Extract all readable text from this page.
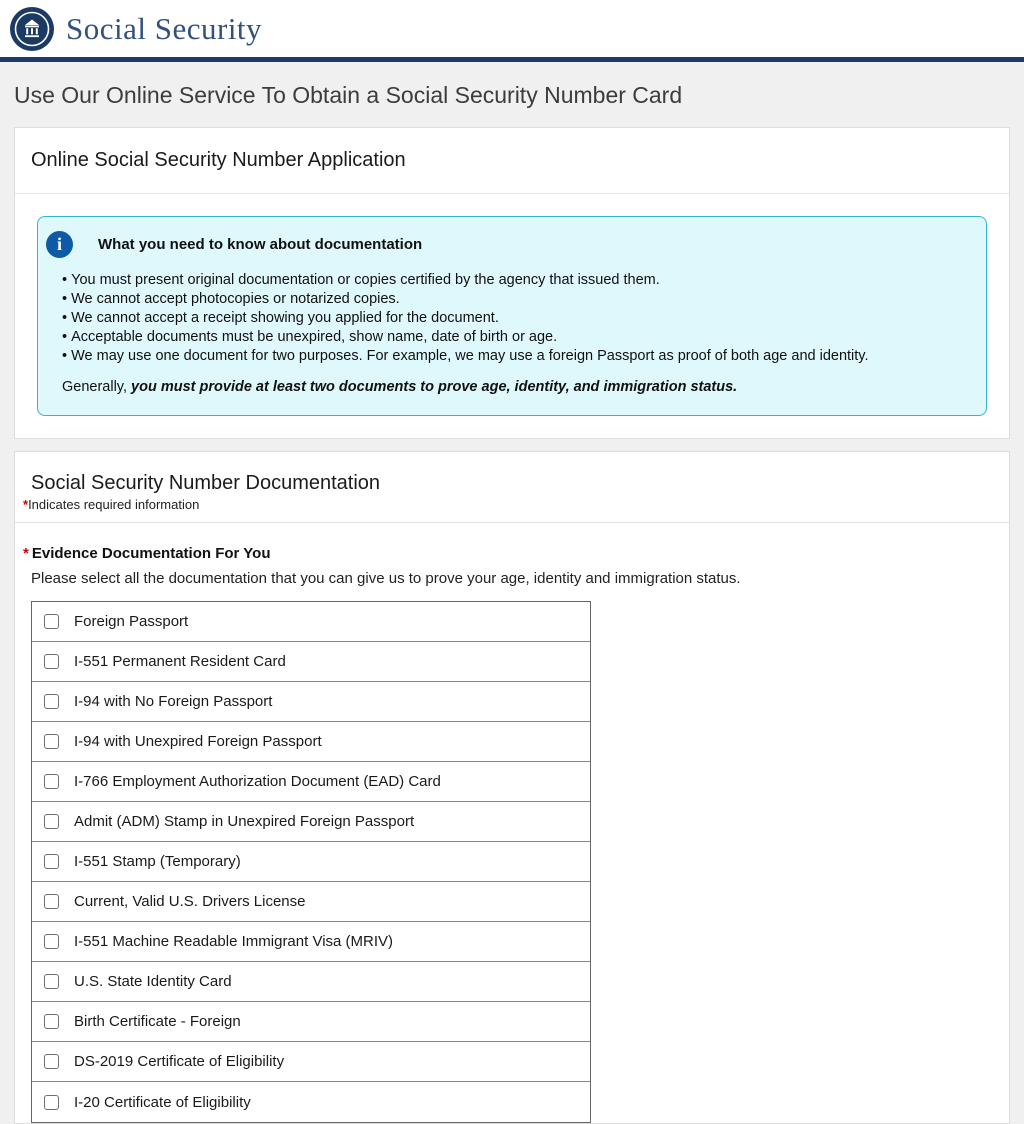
Social Security
Use Our Online Service To Obtain a Social Security Number Card
Online Social Security Number Application
i	What you need to know about documentation
• You must present original documentation or copies certified by the agency that issued them.
• We cannot accept photocopies or notarized copies.
• We cannot accept a receipt showing you applied for the document.
• Acceptable documents must be unexpired, show name, date of birth or age.
• We may use one document for two purposes. For example, we may use a foreign Passport as proof of both age and identity.

Generally, you must provide at least two documents to prove age, identity, and immigration status.

Social Security Number Documentation
*Indicates required information
* Evidence Documentation For You

Please select all the documentation that you can give us to prove your age, identity and immigration status.

Foreign Passport
I-551 Permanent Resident Card
I-94 with No Foreign Passport
I-94 with Unexpired Foreign Passport
I-766 Employment Authorization Document (EAD) Card
Admit (ADM) Stamp in Unexpired Foreign Passport
I-551 Stamp (Temporary)
Current, Valid U.S. Drivers License
I-551 Machine Readable Immigrant Visa (MRIV)
U.S. State Identity Card
Birth Certificate - Foreign
DS-2019 Certificate of Eligibility
I-20 Certificate of Eligibility
